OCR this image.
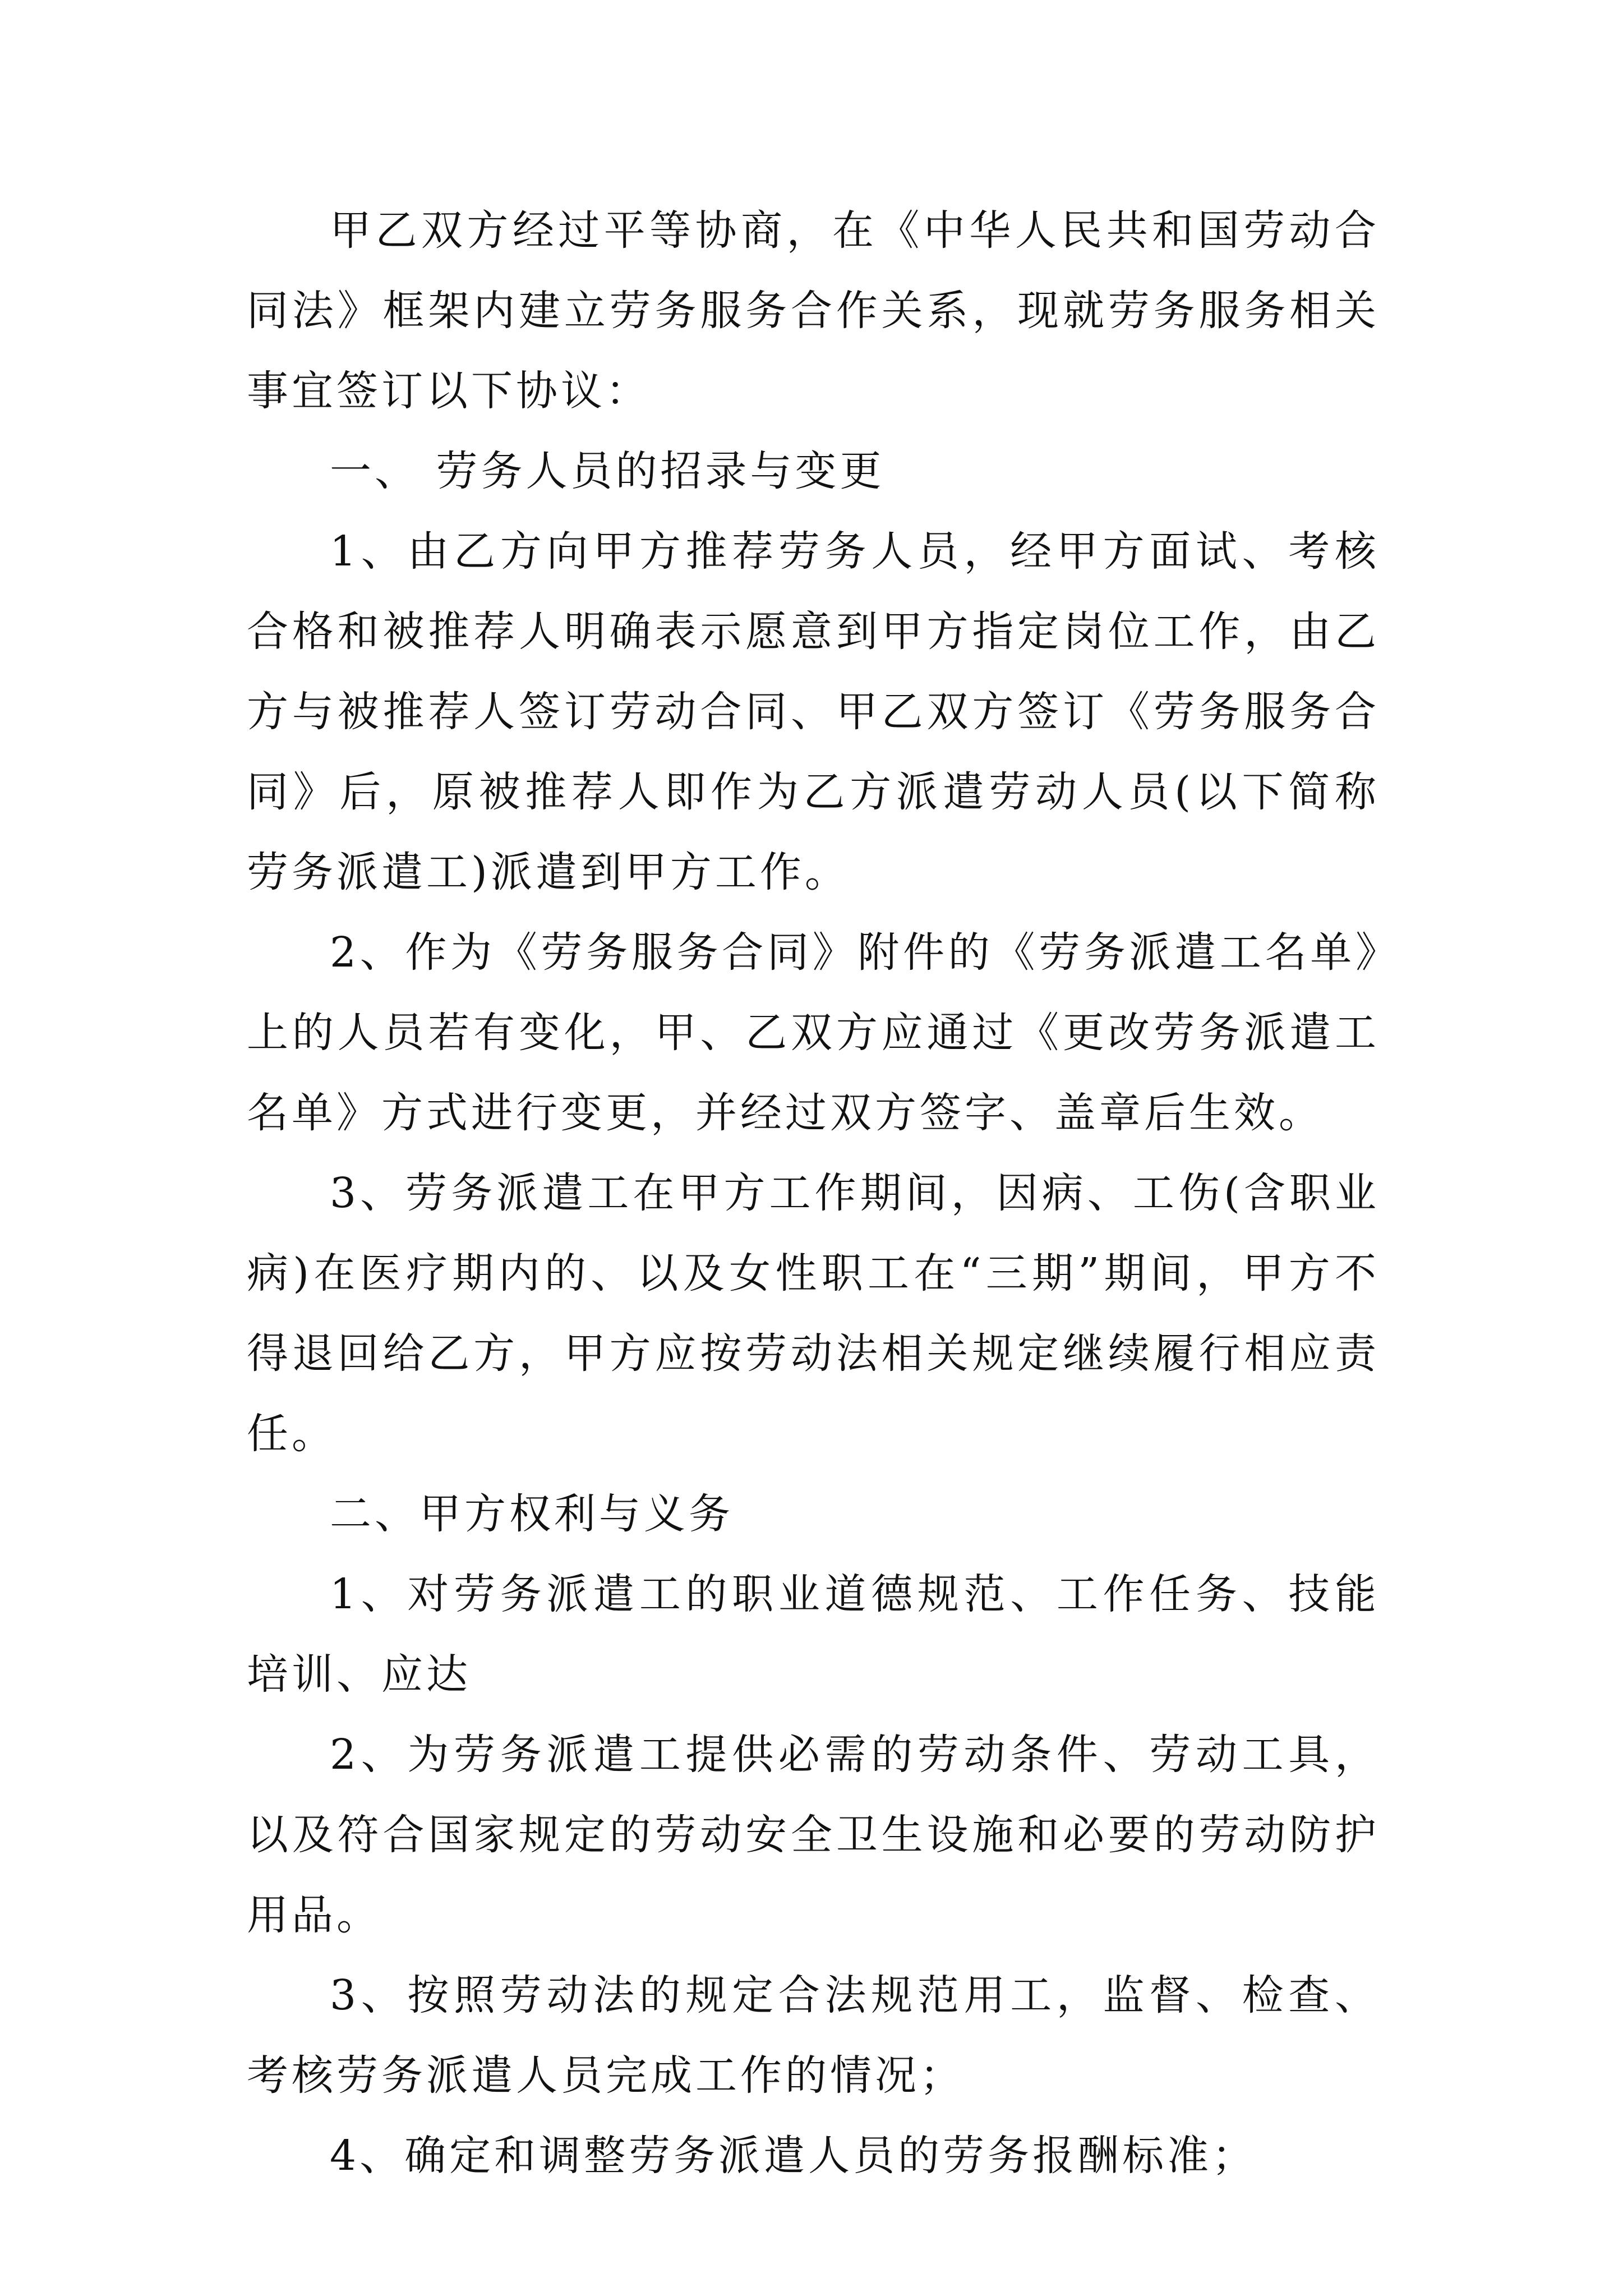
甲乙双方经过平等协商，在《中华人民共和国劳动合同法》框架内建立劳务服务合作关系，现就劳务服务相关事宜签订以下协议：

一、 劳务人员的招录与变更

1、由乙方向甲方推荐劳务人员，经甲方面试、考核合格和被推荐人明确表示愿意到甲方指定岗位工作，由乙方与被推荐人签订劳动合同、甲乙双方签订《劳务服务合同》后，原被推荐人即作为乙方派遣劳动人员(以下简称劳务派遣工)派遣到甲方工作。

2、作为《劳务服务合同》附件的《劳务派遣工名单》上的人员若有变化，甲、乙双方应通过《更改劳务派遣工名单》方式进行变更，并经过双方签字、盖章后生效。

3、劳务派遣工在甲方工作期间，因病、工伤(含职业病)在医疗期内的、以及女性职工在“三期”期间，甲方不得退回给乙方，甲方应按劳动法相关规定继续履行相应责任。

二、甲方权利与义务

1、对劳务派遣工的职业道德规范、工作任务、技能培训、应达

2、为劳务派遣工提供必需的劳动条件、劳动工具，以及符合国家规定的劳动安全卫生设施和必要的劳动防护用品。

3、按照劳动法的规定合法规范用工，监督、检查、考核劳务派遣人员完成工作的情况；

4、确定和调整劳务派遣人员的劳务报酬标准；
